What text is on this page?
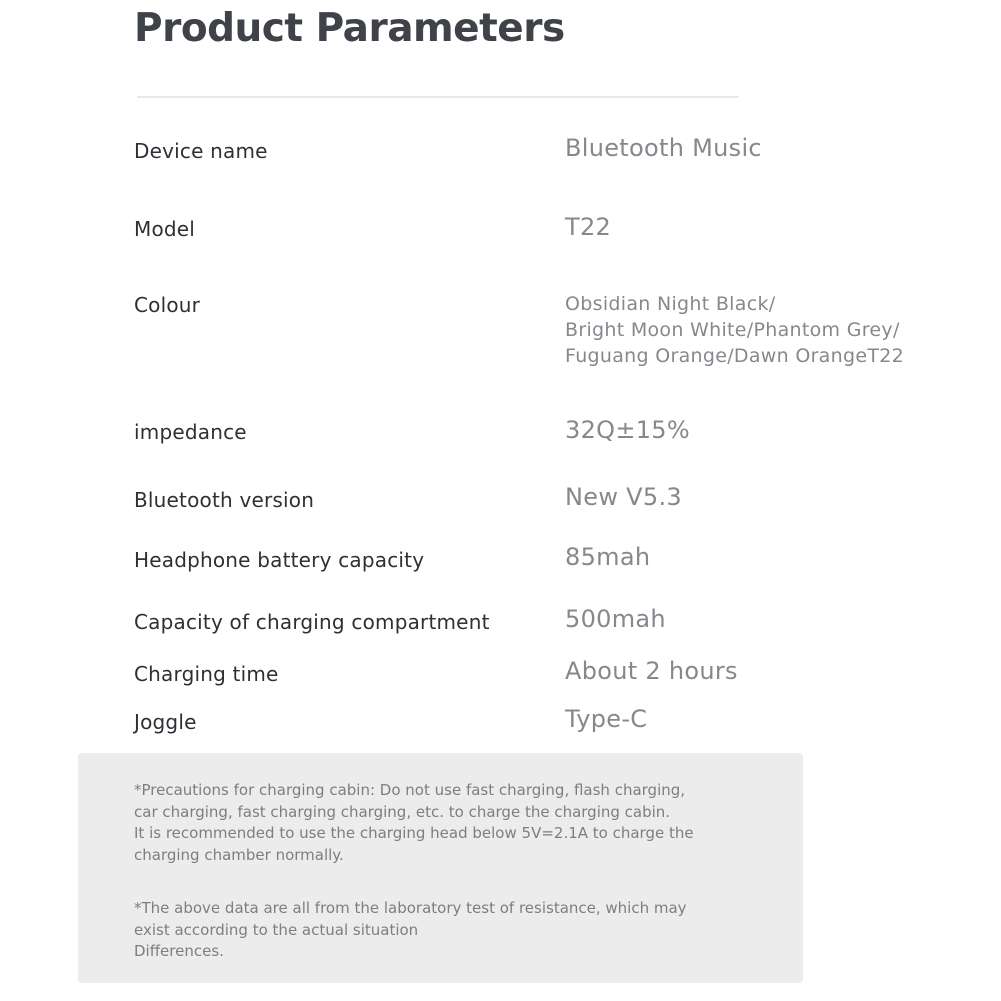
Product Parameters

Device name	Bluetooth Music

Model	T22

Colour	Obsidian Night Black/
Bright Moon White/Phantom Grey/
Fuguang Orange/Dawn OrangeT22

impedance	32Q±15%

Bluetooth version	New V5.3

Headphone battery capacity	85mah

Capacity of charging compartment	500mah

Charging time	About 2 hours

Joggle	Type-C

*Precautions for charging cabin: Do not use fast charging, flash charging,
car charging, fast charging charging, etc. to charge the charging cabin.
It is recommended to use the charging head below 5V=2.1A to charge the
charging chamber normally.

*The above data are all from the laboratory test of resistance, which may
exist according to the actual situation
Differences.
